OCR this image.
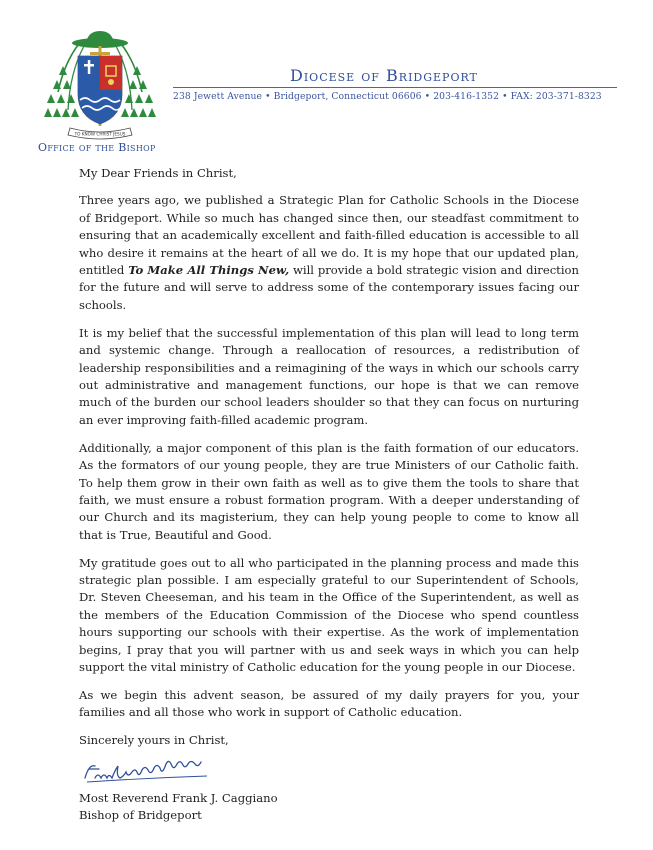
TO KNOW CHRIST JESUS
Office of the Bishop
Diocese of Bridgeport
238 Jewett Avenue • Bridgeport, Connecticut 06606 • 203-416-1352 • FAX: 203-371-8323

My Dear Friends in Christ,

Three years ago, we published a Strategic Plan for Catholic Schools in the Diocese of Bridgeport. While so much has changed since then, our steadfast commitment to ensuring that an academically excellent and faith-filled education is accessible to all who desire it remains at the heart of all we do. It is my hope that our updated plan, entitled To Make All Things New, will provide a bold strategic vision and direction for the future and will serve to address some of the contemporary issues facing our schools.

It is my belief that the successful implementation of this plan will lead to long term and systemic change. Through a reallocation of resources, a redistribution of leadership responsibilities and a reimagining of the ways in which our schools carry out administrative and management functions, our hope is that we can remove much of the burden our school leaders shoulder so that they can focus on nurturing an ever improving faith-filled academic program.

Additionally, a major component of this plan is the faith formation of our educators. As the formators of our young people, they are true Ministers of our Catholic faith. To help them grow in their own faith as well as to give them the tools to share that faith, we must ensure a robust formation program. With a deeper understanding of our Church and its magisterium, they can help young people to come to know all that is True, Beautiful and Good.

My gratitude goes out to all who participated in the planning process and made this strategic plan possible. I am especially grateful to our Superintendent of Schools, Dr. Steven Cheeseman, and his team in the Office of the Superintendent, as well as the members of the Education Commission of the Diocese who spend countless hours supporting our schools with their expertise. As the work of implementation begins, I pray that you will partner with us and seek ways in which you can help support the vital ministry of Catholic education for the young people in our Diocese.

As we begin this advent season, be assured of my daily prayers for you, your families and all those who work in support of Catholic education.

Sincerely yours in Christ,

Most Reverend Frank J. Caggiano
Bishop of Bridgeport
